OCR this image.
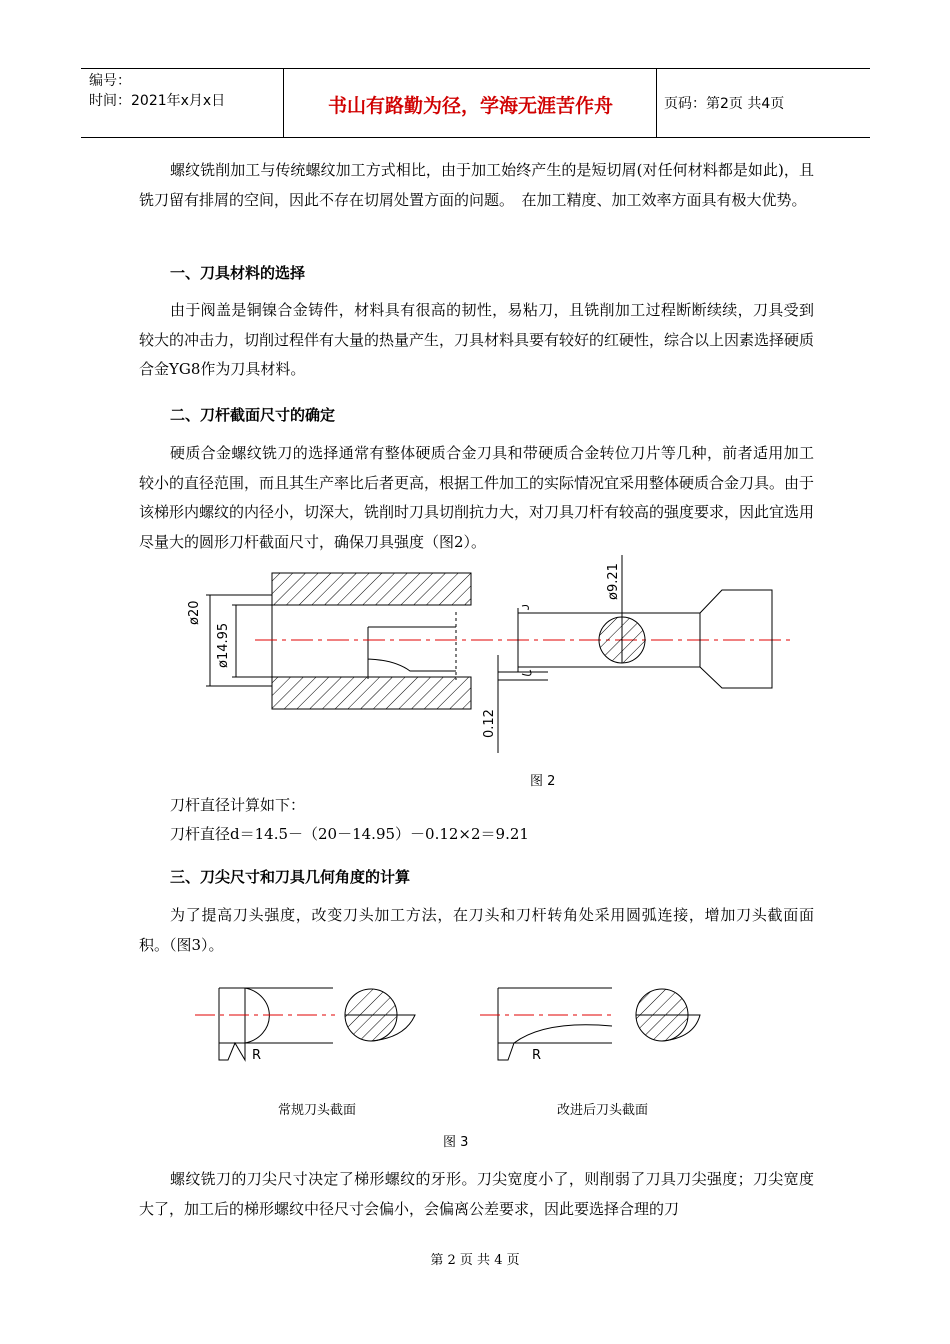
编号：
时间：2021年x月x日	书山有路勤为径，学海无涯苦作舟	页码：第2页 共4页

螺纹铣削加工与传统螺纹加工方式相比，由于加工始终产生的是短切屑(对任何材料都是如此)，且铣刀留有排屑的空间，因此不存在切屑处置方面的问题。　在加工精度、加工效率方面具有极大优势。

一、刀具材料的选择

由于阀盖是铜镍合金铸件，材料具有很高的韧性，易粘刀，且铣削加工过程断断续续，刀具受到较大的冲击力，切削过程伴有大量的热量产生，刀具材料具要有较好的红硬性，综合以上因素选择硬质合金YG8作为刀具材料。

二、刀杆截面尺寸的确定

硬质合金螺纹铣刀的选择通常有整体硬质合金刀具和带硬质合金转位刀片等几种，前者适用加工较小的直径范围，而且其生产率比后者更高，根据工件加工的实际情况宜采用整体硬质合金刀具。由于该梯形内螺纹的内径小，切深大，铣削时刀具切削抗力大，对刀具刀杆有较高的强度要求，因此宜选用尽量大的圆形刀杆截面尺寸，确保刀具强度（图2）。

ø20
ø14.95
ø9.21
0.12
图 2
刀杆直径计算如下：
刀杆直径d＝14.5－（20－14.95）－0.12×2＝9.21

三、刀尖尺寸和刀具几何角度的计算

为了提高刀头强度，改变刀头加工方法，在刀头和刀杆转角处采用圆弧连接，增加刀头截面面积。（图3）。

R	R
常规刀头截面	改进后刀头截面
图 3

螺纹铣刀的刀尖尺寸决定了梯形螺纹的牙形。刀尖宽度小了，则削弱了刀具刀尖强度；刀尖宽度大了，加工后的梯形螺纹中径尺寸会偏小，会偏离公差要求，因此要选择合理的刀

第 2 页 共 4 页
